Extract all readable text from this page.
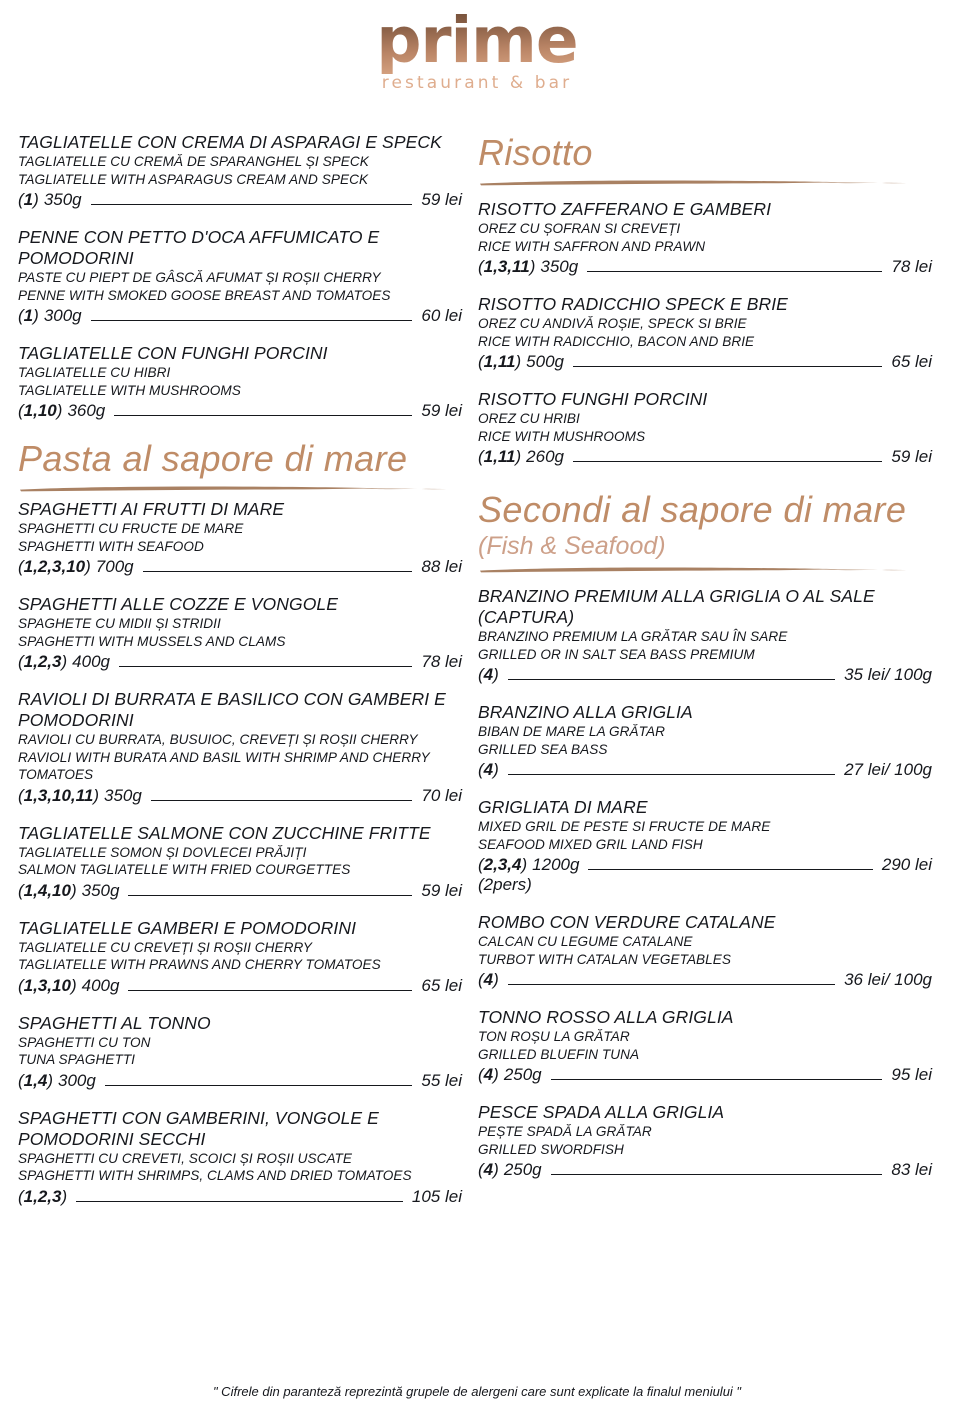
prime
restaurant & bar
TAGLIATELLE CON CREMA DI ASPARAGI E SPECK
TAGLIATELLE CU CREMĂ DE SPARANGHEL ȘI SPECK
TAGLIATELLE WITH ASPARAGUS CREAM AND SPECK
(1) 350g	59 lei
PENNE CON PETTO D'OCA AFFUMICATO E POMODORINI
PASTE CU PIEPT DE GÂSCĂ AFUMAT ȘI ROȘII CHERRY
PENNE WITH SMOKED GOOSE BREAST AND TOMATOES
(1) 300g	60 lei
TAGLIATELLE CON FUNGHI PORCINI
TAGLIATELLE CU HIBRI
TAGLIATELLE WITH MUSHROOMS
(1,10) 360g	59 lei
Pasta al sapore di mare
SPAGHETTI AI FRUTTI DI MARE
SPAGHETTI CU FRUCTE DE MARE
SPAGHETTI WITH SEAFOOD
(1,2,3,10) 700g	88 lei
SPAGHETTI ALLE COZZE E VONGOLE
SPAGHETE CU MIDII ȘI STRIDII
SPAGHETTI WITH MUSSELS AND CLAMS
(1,2,3) 400g	78 lei
RAVIOLI DI BURRATA E BASILICO CON GAMBERI E POMODORINI
RAVIOLI CU BURRATA, BUSUIOC, CREVEȚI ȘI ROȘII CHERRY
RAVIOLI WITH BURATA AND BASIL WITH SHRIMP AND CHERRY TOMATOES
(1,3,10,11) 350g	70 lei
TAGLIATELLE SALMONE CON ZUCCHINE FRITTE
TAGLIATELLE SOMON ȘI DOVLECEI PRĂJIȚI
SALMON TAGLIATELLE WITH FRIED COURGETTES
(1,4,10) 350g	59 lei
TAGLIATELLE GAMBERI E POMODORINI
TAGLIATELLE CU CREVEȚI ȘI ROȘII CHERRY
TAGLIATELLE WITH PRAWNS AND CHERRY TOMATOES
(1,3,10) 400g	65 lei
SPAGHETTI AL TONNO
SPAGHETTI CU TON
TUNA SPAGHETTI
(1,4) 300g	55 lei
SPAGHETTI CON GAMBERINI, VONGOLE E POMODORINI SECCHI
SPAGHETTI CU CREVETI, SCOICI ȘI ROȘII USCATE
SPAGHETTI WITH SHRIMPS, CLAMS AND DRIED TOMATOES
(1,2,3)	105 lei
Risotto
RISOTTO ZAFFERANO E GAMBERI
OREZ CU ȘOFRAN SI CREVEȚI
RICE WITH SAFFRON AND PRAWN
(1,3,11) 350g	78 lei
RISOTTO RADICCHIO SPECK E BRIE
OREZ CU ANDIVĂ ROȘIE, SPECK SI BRIE
RICE WITH RADICCHIO, BACON AND BRIE
(1,11) 500g	65 lei
RISOTTO FUNGHI PORCINI
OREZ CU HRIBI
RICE WITH MUSHROOMS
(1,11) 260g	59 lei
Secondi al sapore di mare
(Fish & Seafood)
BRANZINO PREMIUM ALLA GRIGLIA O AL SALE (CAPTURA)
BRANZINO PREMIUM LA GRĂTAR SAU ÎN SARE
GRILLED OR IN SALT SEA BASS PREMIUM
(4)	35 lei/ 100g
BRANZINO ALLA GRIGLIA
BIBAN DE MARE LA GRĂTAR
GRILLED SEA BASS
(4)	27 lei/ 100g
GRIGLIATA DI MARE
MIXED GRIL DE PESTE SI FRUCTE DE MARE
SEAFOOD MIXED GRIL LAND FISH
(2,3,4) 1200g	290 lei
(2pers)
ROMBO CON VERDURE CATALANE
CALCAN CU LEGUME CATALANE
TURBOT WITH CATALAN VEGETABLES
(4)	36 lei/ 100g
TONNO ROSSO ALLA GRIGLIA
TON ROȘU LA GRĂTAR
GRILLED BLUEFIN TUNA
(4) 250g	95 lei
PESCE SPADA ALLA GRIGLIA
PEȘTE SPADĂ LA GRĂTAR
GRILLED SWORDFISH
(4) 250g	83 lei
" Cifrele din paranteză reprezintă grupele de alergeni care sunt explicate la finalul meniului "
